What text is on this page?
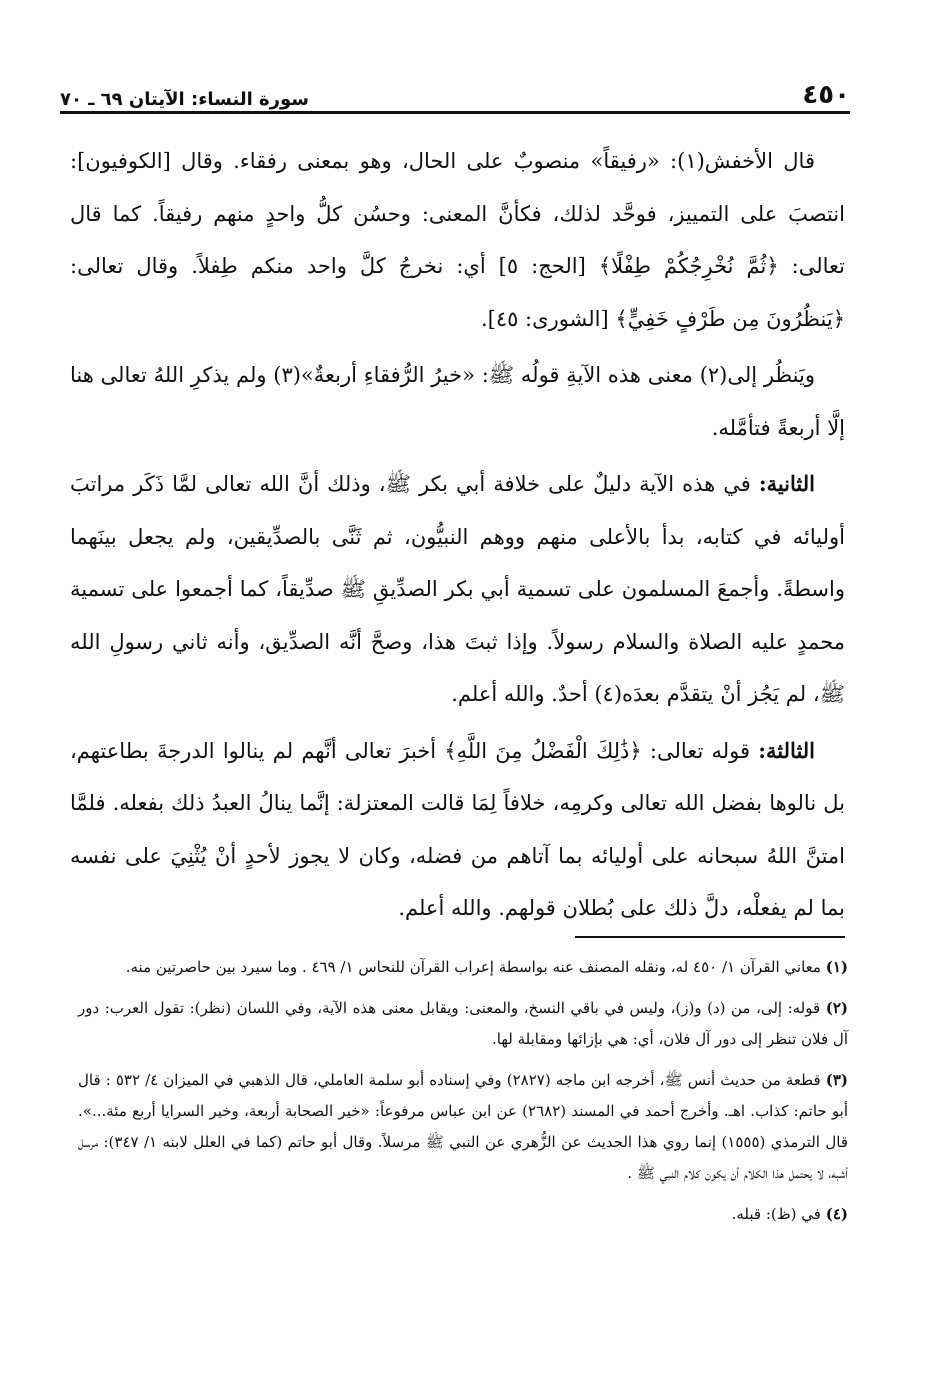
٤٥٠
سورة النساء: الآيتان ٦٩ ـ ٧٠

قال الأخفش(١): «رفيقاً» منصوبٌ على الحال، وهو بمعنى رفقاء. وقال [الكوفيون]: انتصبَ على التمييز، فوحَّد لذلك، فكأنَّ المعنى: وحسُن كلُّ واحدٍ منهم رفيقاً. كما قال تعالى: ﴿ثُمَّ نُخْرِجُكُمْ طِفْلًا﴾ [الحج: ٥] أي: نخرجُ كلَّ واحد منكم طِفلاً. وقال تعالى: ﴿يَنظُرُونَ مِن طَرْفٍ خَفِيٍّ﴾ [الشورى: ٤٥].

ويَنظُر إلى(٢) معنى هذه الآيةِ قولُه ﷺ: «خيرُ الرُّفقاءِ أربعةٌ»(٣) ولم يذكرِ اللهُ تعالى هنا إلَّا أربعةً فتأمَّله.

الثانية: في هذه الآية دليلٌ على خلافة أبي بكر ﷺ، وذلك أنَّ الله تعالى لمَّا ذَكَر مراتبَ أوليائه في كتابه، بدأ بالأعلى منهم ووهم النبيُّون، ثم ثَنَّى بالصدِّيقين، ولم يجعل بينَهما واسطةً. وأجمعَ المسلمون على تسمية أبي بكر الصدِّيقِ ﷺ صدِّيقاً، كما أجمعوا على تسمية محمدٍ عليه الصلاة والسلام رسولاً. وإذا ثبتَ هذا، وصحَّ أنَّه الصدِّيق، وأنه ثاني رسولِ الله ﷺ، لم يَجُز أنْ يتقدَّم بعدَه(٤) أحدٌ. والله أعلم.

الثالثة: قوله تعالى: ﴿ذَٰلِكَ الْفَضْلُ مِنَ اللَّهِ﴾ أخبرَ تعالى أنَّهم لم ينالوا الدرجةَ بطاعتهم، بل نالوها بفضل الله تعالى وكرمِه، خلافاً لِمَا قالت المعتزلة: إنَّما ينالُ العبدُ ذلك بفعله. فلمَّا امتنَّ اللهُ سبحانه على أوليائه بما آتاهم من فضله، وكان لا يجوز لأحدٍ أنْ يُثْنِيَ على نفسه بما لم يفعلْه، دلَّ ذلك على بُطلان قولهم. والله أعلم.

(١) معاني القرآن ١/ ٤٥٠ له، ونقله المصنف عنه بواسطة إعراب القرآن للنحاس ١/ ٤٦٩ . وما سيرد بين حاصرتين منه.

(٢) قوله: إلى، من (د) و(ز)، وليس في باقي النسخ، والمعنى: ويقابل معنى هذه الآية، وفي اللسان (نظر): تقول العرب: دور آل فلان تنظر إلى دور آل فلان، أي: هي بإزائها ومقابلة لها.

(٣) قطعة من حديث أنس ﷺ، أخرجه ابن ماجه (٢٨٢٧) وفي إسناده أبو سلمة العاملي، قال الذهبي في الميزان ٤/ ٥٣٢ : قال أبو حاتم: كذاب. اهـ. وأخرج أحمد في المسند (٢٦٨٢) عن ابن عباس مرفوعاً: «خير الصحابة أربعة، وخير السرايا أربع مئة...». قال الترمذي (١٥٥٥) إنما روي هذا الحديث عن الزُّهري عن النبي ﷺ مرسلاً. وقال أبو حاتم (كما في العلل لابنه ١/ ٣٤٧): مرسل أشبه، لا يحتمل هذا الكلام أن يكون كلام النبي ﷺ .

(٤) في (ظ): قبله.
